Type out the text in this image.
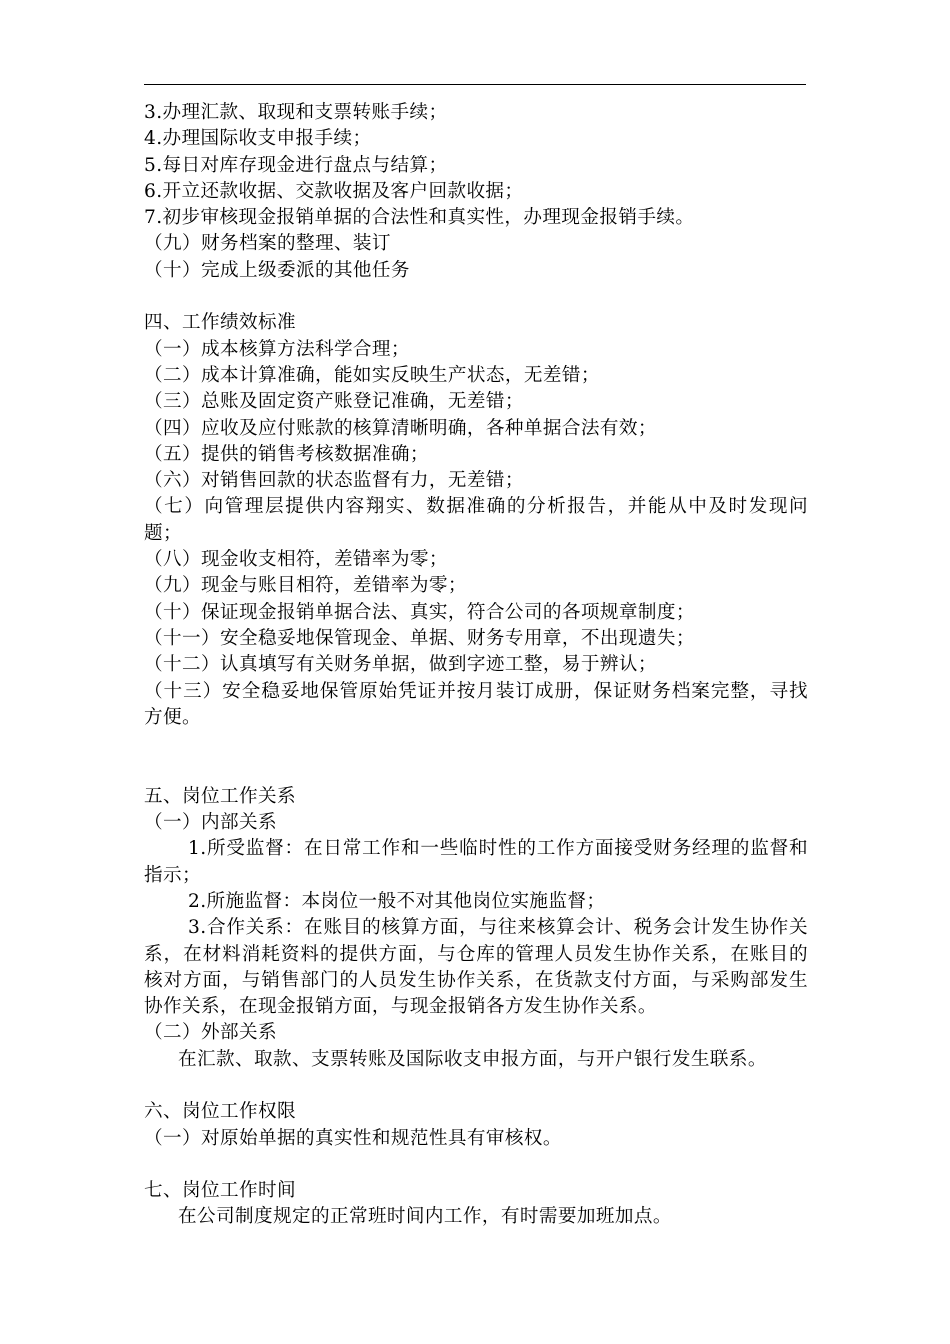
3.办理汇款、取现和支票转账手续；

4.办理国际收支申报手续；

5.每日对库存现金进行盘点与结算；

6.开立还款收据、交款收据及客户回款收据；

7.初步审核现金报销单据的合法性和真实性，办理现金报销手续。

（九）财务档案的整理、装订

（十）完成上级委派的其他任务

四、工作绩效标准

（一）成本核算方法科学合理；

（二）成本计算准确，能如实反映生产状态，无差错；

（三）总账及固定资产账登记准确，无差错；

（四）应收及应付账款的核算清晰明确，各种单据合法有效；

（五）提供的销售考核数据准确；

（六）对销售回款的状态监督有力，无差错；

（七）向管理层提供内容翔实、数据准确的分析报告，并能从中及时发现问题；

（八）现金收支相符，差错率为零；

（九）现金与账目相符，差错率为零；

（十）保证现金报销单据合法、真实，符合公司的各项规章制度；

（十一）安全稳妥地保管现金、单据、财务专用章，不出现遗失；

（十二）认真填写有关财务单据，做到字迹工整，易于辨认；

（十三）安全稳妥地保管原始凭证并按月装订成册，保证财务档案完整，寻找方便。

五、岗位工作关系

（一）内部关系

1.所受监督：在日常工作和一些临时性的工作方面接受财务经理的监督和指示；

2.所施监督：本岗位一般不对其他岗位实施监督；

3.合作关系：在账目的核算方面，与往来核算会计、税务会计发生协作关系，在材料消耗资料的提供方面，与仓库的管理人员发生协作关系，在账目的核对方面，与销售部门的人员发生协作关系，在货款支付方面，与采购部发生协作关系，在现金报销方面，与现金报销各方发生协作关系。

（二）外部关系

在汇款、取款、支票转账及国际收支申报方面，与开户银行发生联系。

六、岗位工作权限

（一）对原始单据的真实性和规范性具有审核权。

七、岗位工作时间

在公司制度规定的正常班时间内工作，有时需要加班加点。
